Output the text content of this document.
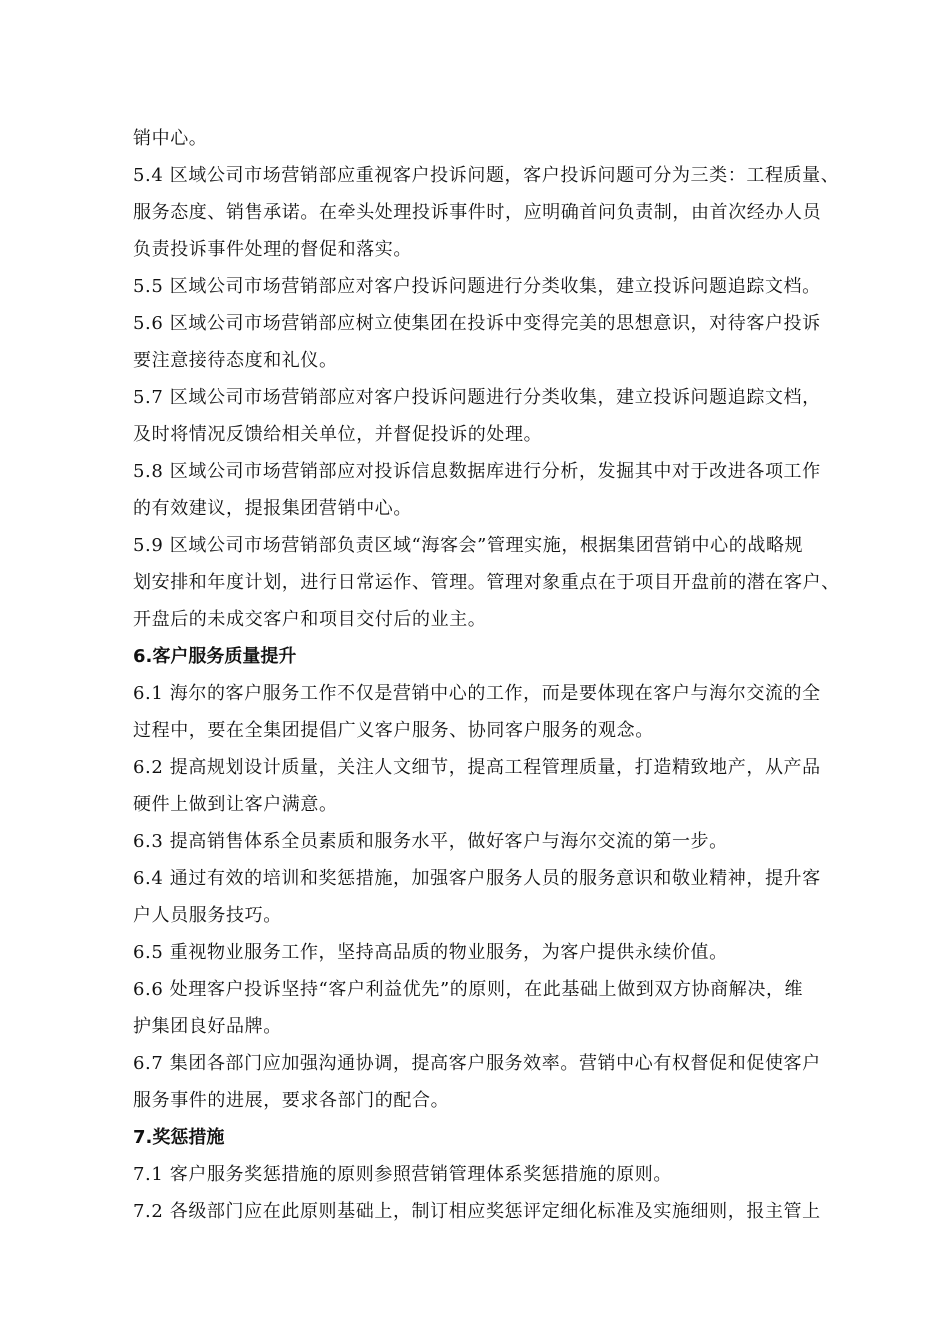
销中心。
5.4 区域公司市场营销部应重视客户投诉问题，客户投诉问题可分为三类：工程质量、
服务态度、销售承诺。在牵头处理投诉事件时，应明确首问负责制，由首次经办人员
负责投诉事件处理的督促和落实。
5.5 区域公司市场营销部应对客户投诉问题进行分类收集，建立投诉问题追踪文档。
5.6 区域公司市场营销部应树立使集团在投诉中变得完美的思想意识，对待客户投诉
要注意接待态度和礼仪。
5.7 区域公司市场营销部应对客户投诉问题进行分类收集，建立投诉问题追踪文档，
及时将情况反馈给相关单位，并督促投诉的处理。
5.8 区域公司市场营销部应对投诉信息数据库进行分析，发掘其中对于改进各项工作
的有效建议，提报集团营销中心。
5.9 区域公司市场营销部负责区域“海客会”管理实施，根据集团营销中心的战略规
划安排和年度计划，进行日常运作、管理。管理对象重点在于项目开盘前的潜在客户、
开盘后的未成交客户和项目交付后的业主。
6.客户服务质量提升
6.1 海尔的客户服务工作不仅是营销中心的工作，而是要体现在客户与海尔交流的全
过程中，要在全集团提倡广义客户服务、协同客户服务的观念。
6.2 提高规划设计质量，关注人文细节，提高工程管理质量，打造精致地产，从产品
硬件上做到让客户满意。
6.3 提高销售体系全员素质和服务水平，做好客户与海尔交流的第一步。
6.4 通过有效的培训和奖惩措施，加强客户服务人员的服务意识和敬业精神，提升客
户人员服务技巧。
6.5 重视物业服务工作，坚持高品质的物业服务，为客户提供永续价值。
6.6 处理客户投诉坚持“客户利益优先”的原则，在此基础上做到双方协商解决，维
护集团良好品牌。
6.7 集团各部门应加强沟通协调，提高客户服务效率。营销中心有权督促和促使客户
服务事件的进展，要求各部门的配合。
7.奖惩措施
7.1 客户服务奖惩措施的原则参照营销管理体系奖惩措施的原则。
7.2 各级部门应在此原则基础上，制订相应奖惩评定细化标准及实施细则，报主管上
